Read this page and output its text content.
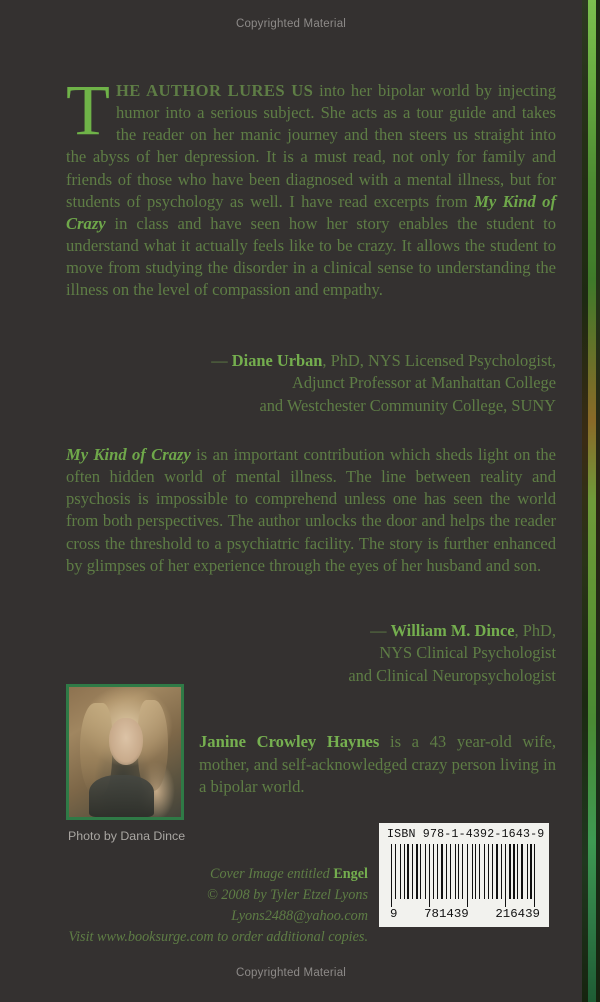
Copyrighted Material

THE AUTHOR LURES US into her bipolar world by injecting humor into a serious subject. She acts as a tour guide and takes the reader on her manic journey and then steers us straight into the abyss of her depression. It is a must read, not only for family and friends of those who have been diagnosed with a mental illness, but for students of psychology as well. I have read excerpts from My Kind of Crazy in class and have seen how her story enables the student to understand what it actually feels like to be crazy. It allows the student to move from studying the disorder in a clinical sense to understanding the illness on the level of compassion and empathy.

— Diane Urban, PhD, NYS Licensed Psychologist,

Adjunct Professor at Manhattan College

and Westchester Community College, SUNY

My Kind of Crazy is an important contribution which sheds light on the often hidden world of mental illness. The line between reality and psychosis is impossible to comprehend unless one has seen the world from both perspectives. The author unlocks the door and helps the reader cross the threshold to a psychiatric facility. The story is further enhanced by glimpses of her experience through the eyes of her husband and son.

— William M. Dince, PhD,

NYS Clinical Psychologist

and Clinical Neuropsychologist

Photo by Dana Dince

Janine Crowley Haynes is a 43 year-old wife, mother, and self-acknowledged crazy person living in a bipolar world.

Cover Image entitled Engel
© 2008 by Tyler Etzel Lyons
Lyons2488@yahoo.com
Visit www.booksurge.com to order additional copies.
ISBN 978-1-4392-1643-9
9 781439 216439
Copyrighted Material
